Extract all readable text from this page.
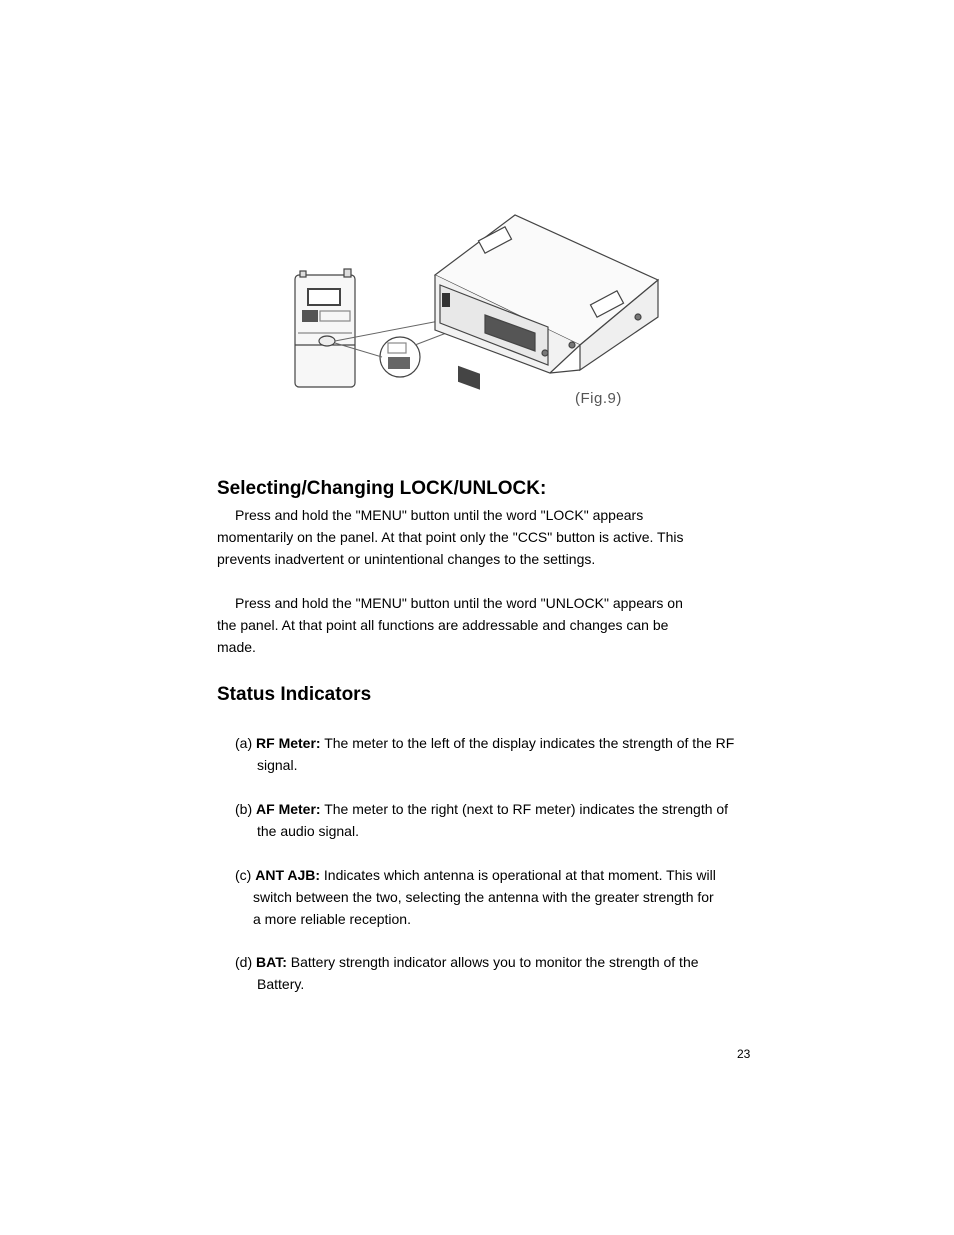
(Fig.9)
Selecting/Changing LOCK/UNLOCK:
Press and hold the "MENU" button until the word "LOCK" appears
momentarily on the panel. At that point only the "CCS" button is active. This
prevents inadvertent or unintentional changes to the settings.
Press and hold the "MENU" button until the word "UNLOCK" appears on
the panel. At that point all functions are addressable and changes can be
made.
Status Indicators
(a) RF Meter: The meter to the left of the display indicates the strength of the RF
signal.
(b) AF Meter: The meter to the right (next to RF meter) indicates the strength of
the audio signal.
(c) ANT AJB: Indicates which antenna is operational at that moment. This will
switch between the two, selecting the antenna with the greater strength for
a more reliable reception.
(d) BAT: Battery strength indicator allows you to monitor the strength of the
Battery.
23
